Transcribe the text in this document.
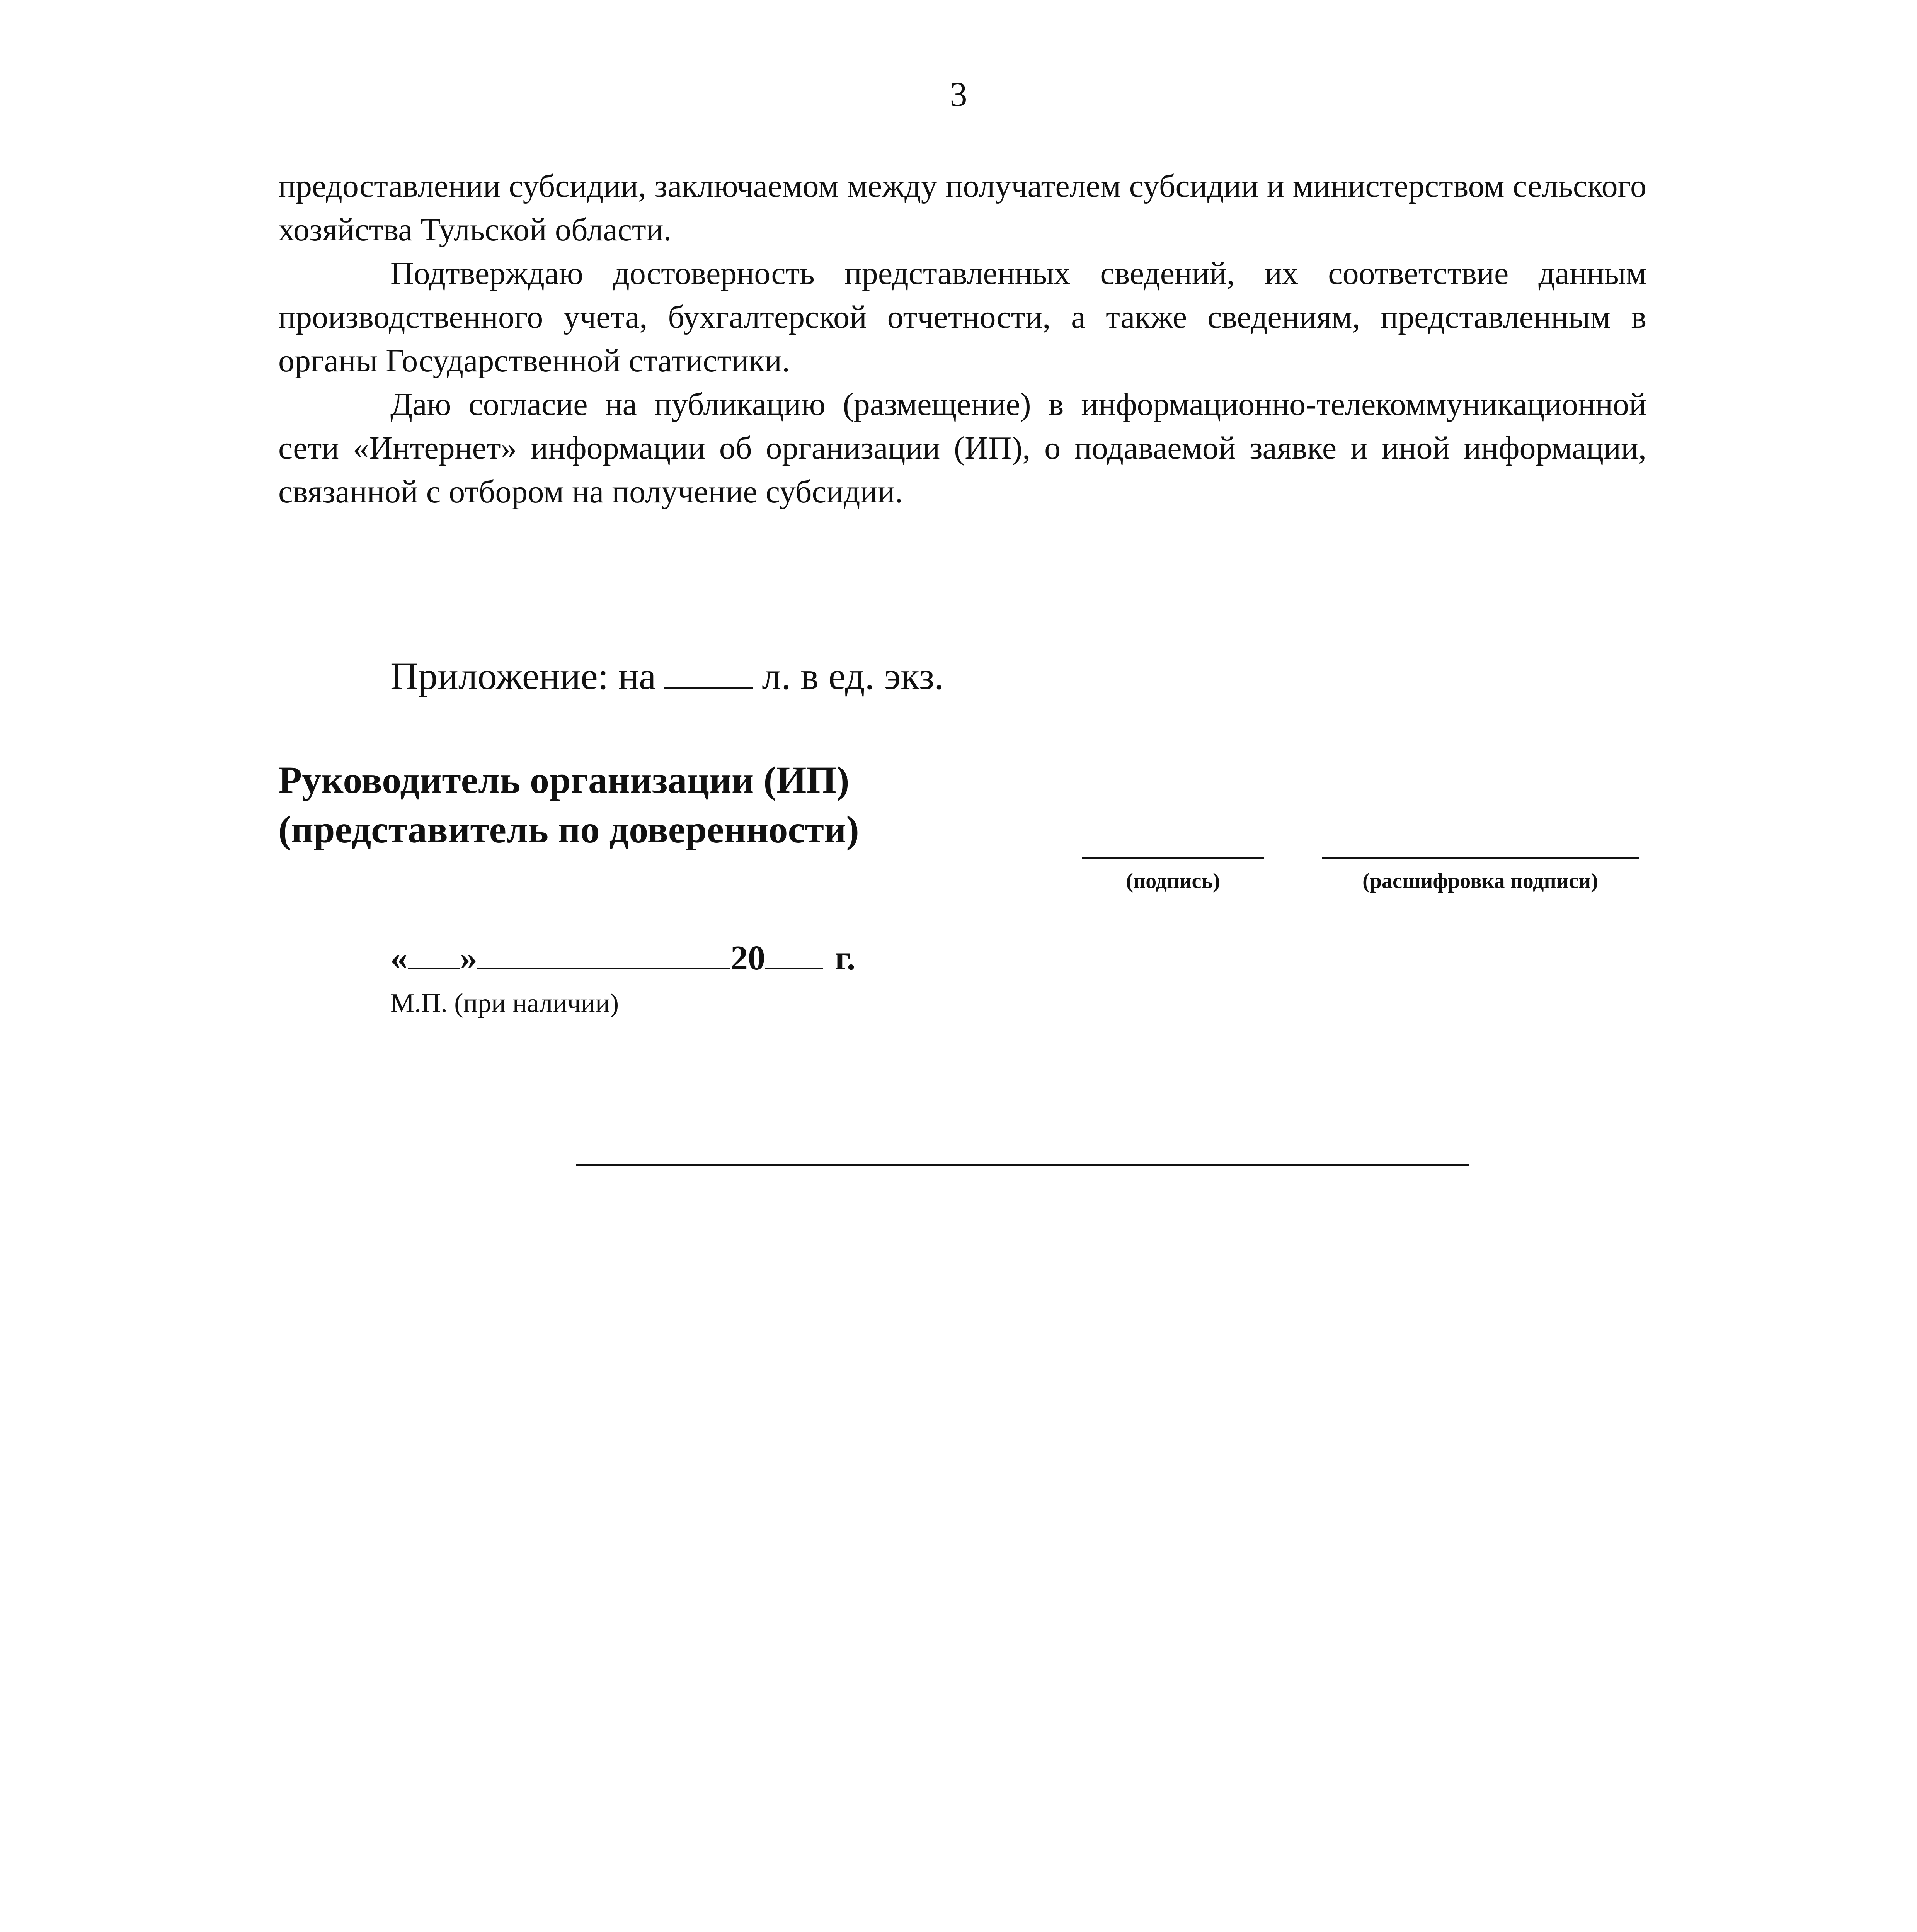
3

предоставлении субсидии, заключаемом между получателем субсидии и министерством сельского хозяйства Тульской области.

Подтверждаю достоверность представленных сведений, их соответствие данным производственного учета, бухгалтерской отчетности, а также сведениям, представленным в органы Государственной статистики.

Даю согласие на публикацию (размещение) в информационно-телекоммуникационной сети «Интернет» информации об организации (ИП), о подаваемой заявке и иной информации, связанной с отбором на получение субсидии.

Приложение: на	л. в ед. экз.
Руководитель организации (ИП)
(представитель по доверенности)
(подпись)	(расшифровка подписи)
« »	20 г.
М.П. (при наличии)
